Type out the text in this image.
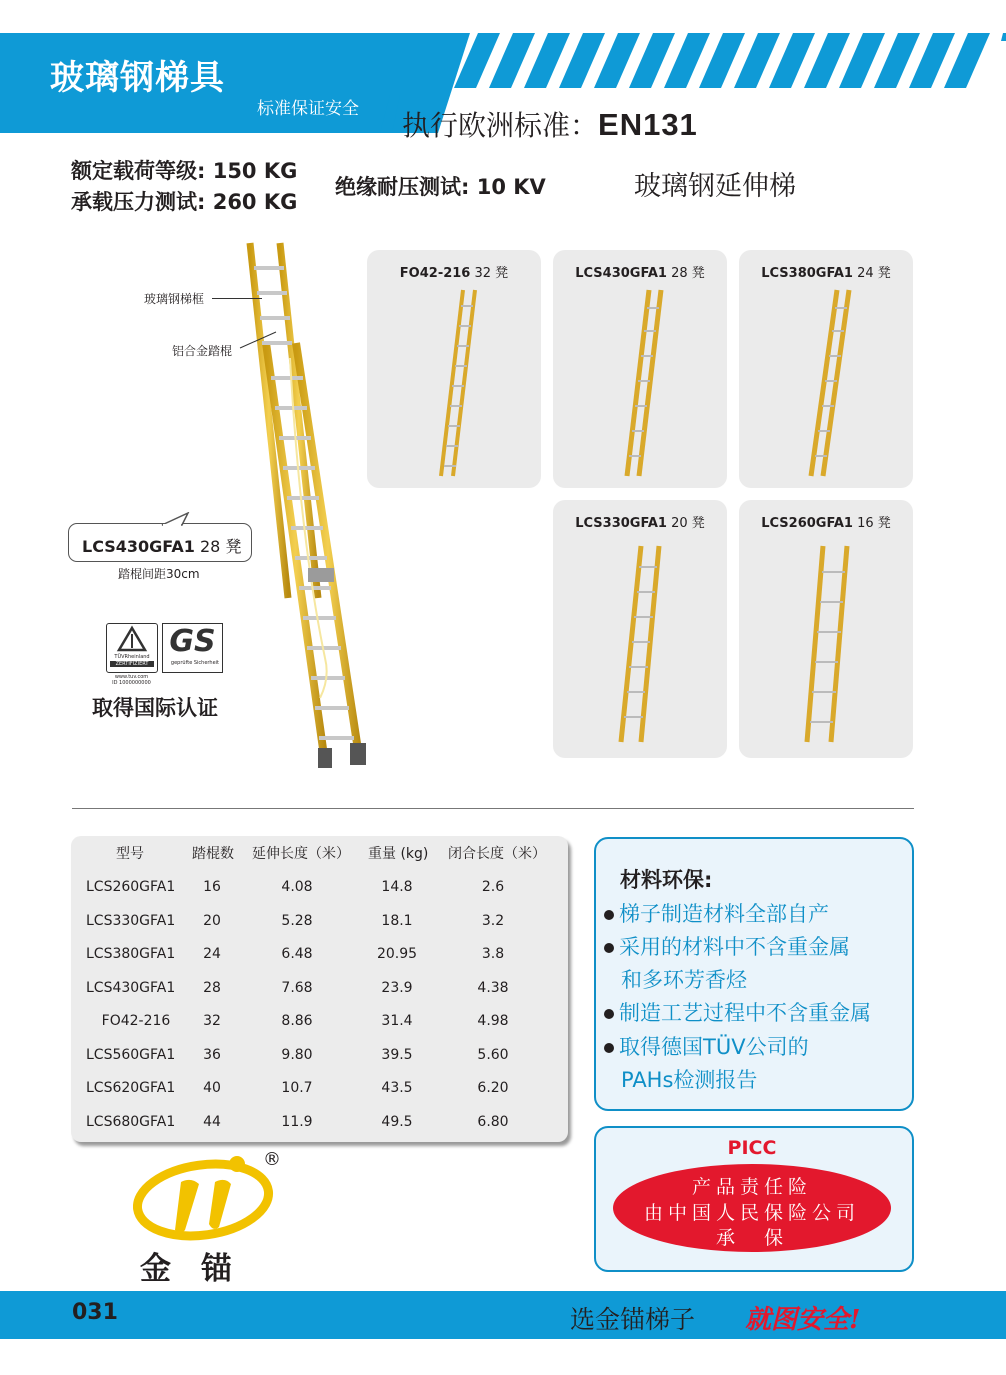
玻璃钢梯具
标准保证安全 执行欧洲标准：EN131
额定载荷等级: 150 KG
承载压力测试: 260 KG
绝缘耐压测试: 10 KV	玻璃钢延伸梯
玻璃钢梯框
铝合金踏棍
LCS430GFA1 28 凳
踏棍间距30cm
TÜVRheinland
ZERTIFIZIERT
www.tuv.com
ID 1000000000
GS
geprüfte Sicherheit
取得国际认证
FO42-216 32 凳	LCS430GFA1 28 凳	LCS380GFA1 24 凳
LCS330GFA1 20 凳	LCS260GFA1 16 凳
型号	踏棍数 延伸长度（米） 重量 (kg) 闭合长度（米）
LCS260GFA1	16	4.08	14.8	2.6
LCS330GFA1	20	5.28	18.1	3.2
LCS380GFA1	24	6.48	20.95	3.8
LCS430GFA1	28	7.68	23.9	4.38
FO42-216	32	8.86	31.4	4.98
LCS560GFA1	36	9.80	39.5	5.60
LCS620GFA1	40	10.7	43.5	6.20
LCS680GFA1	44	11.9	49.5	6.80
材料环保:
梯子制造材料全部自产
采用的材料中不含重金属
和多环芳香烃
制造工艺过程中不含重金属
取得德国TÜV公司的
PAHs检测报告
PICC
产品责任险
由中国人民保险公司
承　保
®
金锚
031	选金锚梯子 就图安全!
